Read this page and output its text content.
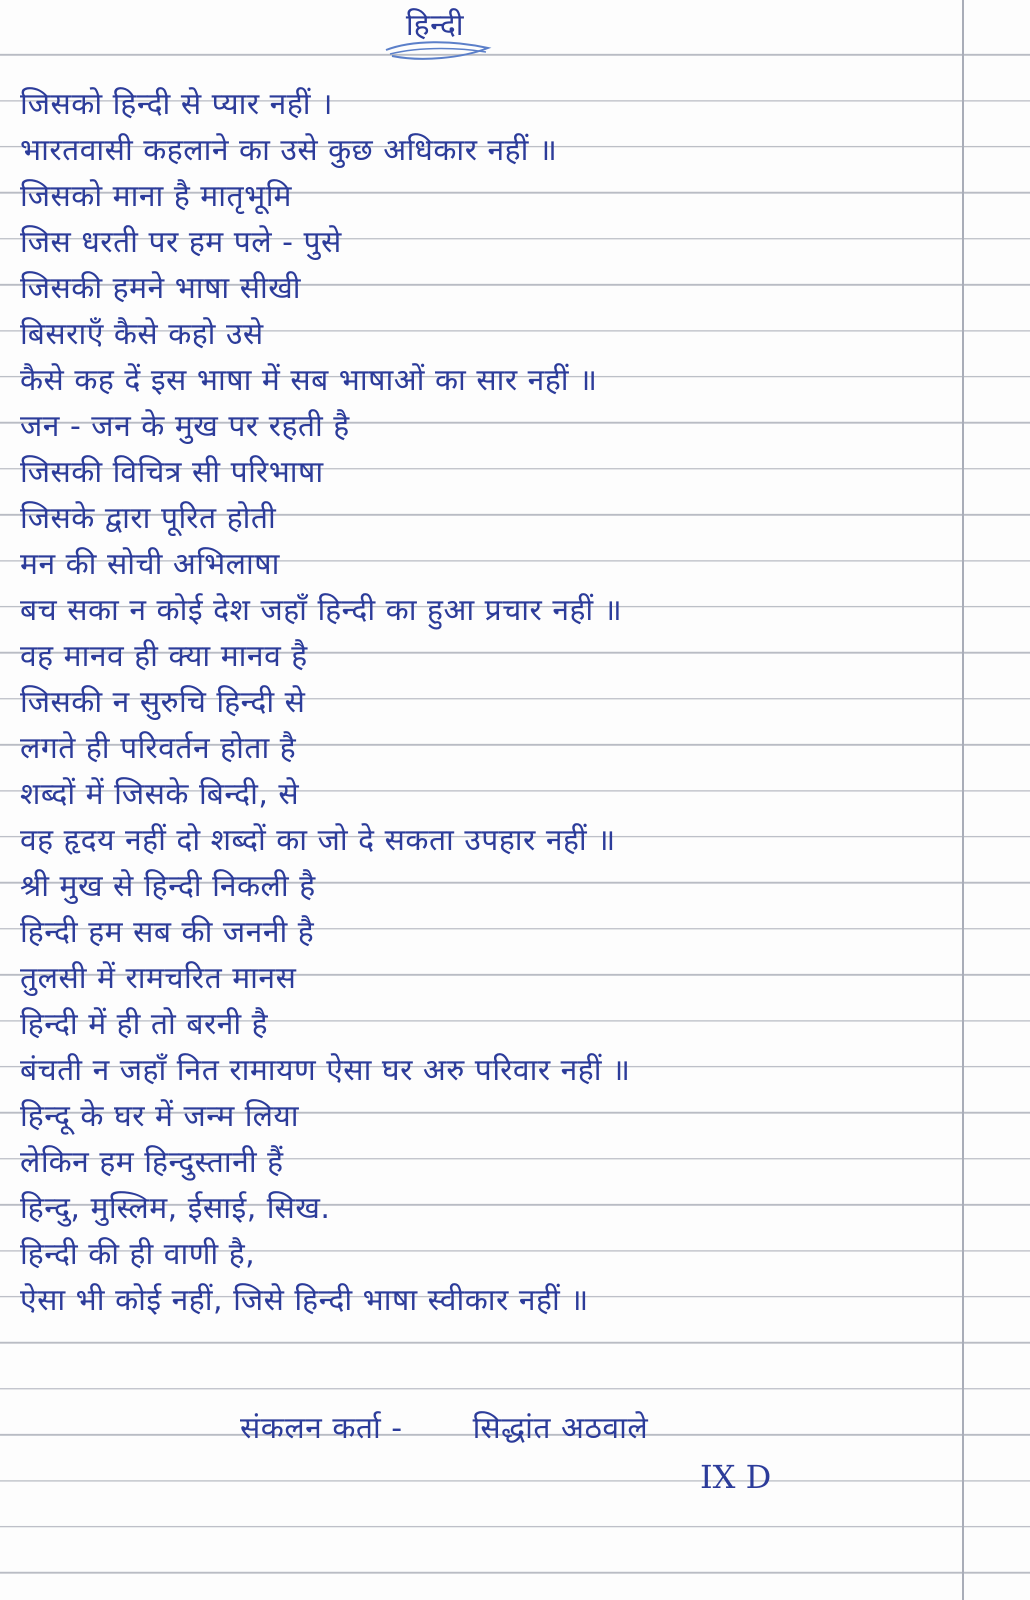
हिन्दी
जिसको हिन्दी से प्यार नहीं ।
भारतवासी कहलाने का उसे कुछ अधिकार नहीं ॥
जिसको माना है मातृभूमि
जिस धरती पर हम पले - पुसे
जिसकी हमने भाषा सीखी
बिसराएँ कैसे कहो उसे
कैसे कह दें इस भाषा में सब भाषाओं का सार नहीं ॥
जन - जन के मुख पर रहती है
जिसकी विचित्र सी परिभाषा
जिसके द्वारा पूरित होती
मन की सोची अभिलाषा
बच सका न कोई देश जहाँ हिन्दी का हुआ प्रचार नहीं ॥
वह मानव ही क्या मानव है
जिसकी न सुरुचि हिन्दी से
लगते ही परिवर्तन होता है
शब्दों में जिसके बिन्दी, से
वह हृदय नहीं दो शब्दों का जो दे सकता उपहार नहीं ॥
श्री मुख से हिन्दी निकली है
हिन्दी हम सब की जननी है
तुलसी में रामचरित मानस
हिन्दी में ही तो बरनी है
बंचती न जहाँ नित रामायण ऐसा घर अरु परिवार नहीं ॥
हिन्दू के घर में जन्म लिया
लेकिन हम हिन्दुस्तानी हैं
हिन्दु, मुस्लिम, ईसाई, सिख.
हिन्दी की ही वाणी है,
ऐसा भी कोई नहीं, जिसे हिन्दी भाषा स्वीकार नहीं ॥
संकलन कर्ता - सिद्धांत अठवाले
IX D
